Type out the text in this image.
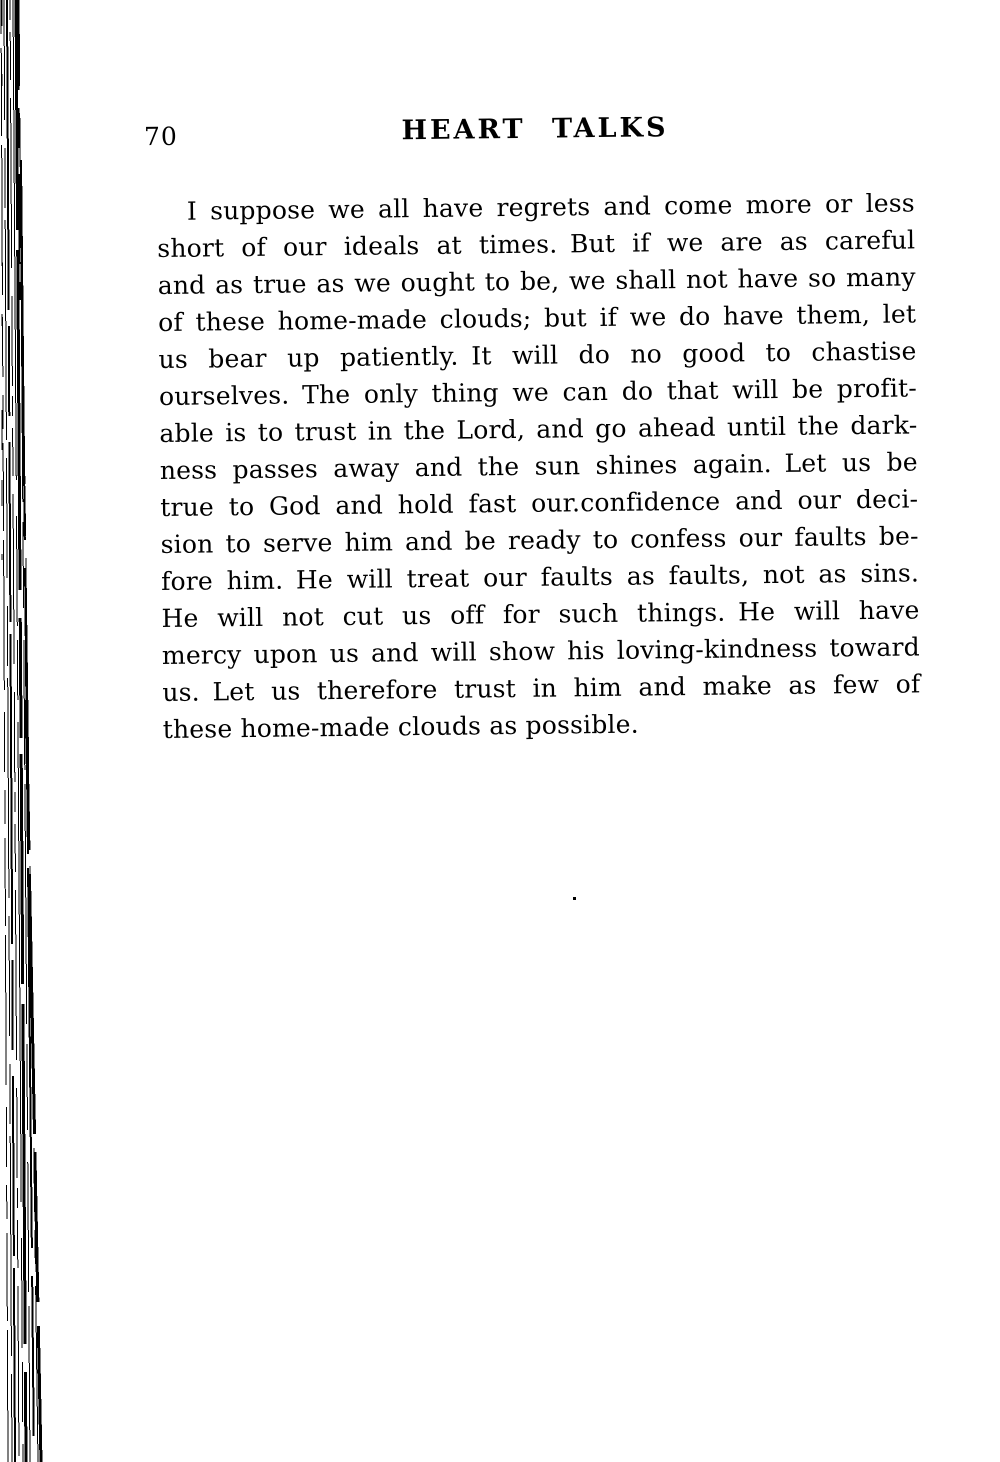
70	HEART TALKS
I suppose we all have regrets and come more or less
short of our ideals at times. But if we are as careful
and as true as we ought to be, we shall not have so many
of these home-made clouds; but if we do have them, let
us bear up patiently. It will do no good to chastise
ourselves. The only thing we can do that will be profit-
able is to trust in the Lord, and go ahead until the dark-
ness passes away and the sun shines again. Let us be
true to God and hold fast our.confidence and our deci-
sion to serve him and be ready to confess our faults be-
fore him. He will treat our faults as faults, not as sins.
He will not cut us off for such things. He will have
mercy upon us and will show his loving-kindness toward
us. Let us therefore trust in him and make as few of
these home-made clouds as possible.
